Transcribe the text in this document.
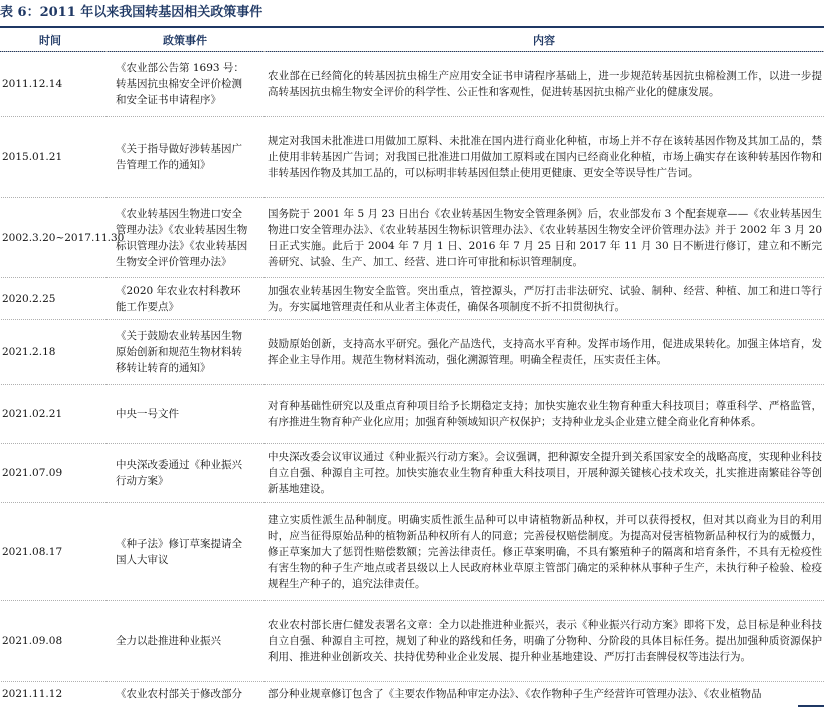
表 6：2011 年以来我国转基因相关政策事件
时间	政策事件	内容
2011.12.14	《农业部公告第 1693 号：转基因抗虫棉安全评价检测和安全证书申请程序》	农业部在已经简化的转基因抗虫棉生产应用安全证书申请程序基础上，进一步规范转基因抗虫棉检测工作，以进一步提高转基因抗虫棉生物安全评价的科学性、公正性和客观性，促进转基因抗虫棉产业化的健康发展。
2015.01.21	《关于指导做好涉转基因广告管理工作的通知》	规定对我国未批准进口用做加工原料、未批准在国内进行商业化种植，市场上并不存在该转基因作物及其加工品的，禁止使用非转基因广告词；对我国已批准进口用做加工原料或在国内已经商业化种植，市场上确实存在该种转基因作物和非转基因作物及其加工品的，可以标明非转基因但禁止使用更健康、更安全等误导性广告词。
2002.3.20~2017.11.30	《农业转基因生物进口安全管理办法》《农业转基因生物标识管理办法》《农业转基因生物安全评价管理办法》	国务院于 2001 年 5 月 23 日出台《农业转基因生物安全管理条例》后，农业部发布 3 个配套规章——《农业转基因生物进口安全管理办法》、《农业转基因生物标识管理办法》、《农业转基因生物安全评价管理办法》并于 2002 年 3 月 20 日正式实施。此后于 2004 年 7 月 1 日、2016 年 7 月 25 日和 2017 年 11 月 30 日不断进行修订，建立和不断完善研究、试验、生产、加工、经营、进口许可审批和标识管理制度。
2020.2.25	《2020 年农业农村科教环能工作要点》	加强农业转基因生物安全监管。突出重点，管控源头，严厉打击非法研究、试验、制种、经营、种植、加工和进口等行为。夯实属地管理责任和从业者主体责任，确保各项制度不折不扣贯彻执行。
2021.2.18	《关于鼓励农业转基因生物原始创新和规范生物材料转移转让转育的通知》	鼓励原始创新，支持高水平研究。强化产品迭代，支持高水平育种。发挥市场作用，促进成果转化。加强主体培育，发挥企业主导作用。规范生物材料流动，强化溯源管理。明确全程责任，压实责任主体。
2021.02.21	中央一号文件	对育种基础性研究以及重点育种项目给予长期稳定支持；加快实施农业生物育种重大科技项目；尊重科学、严格监管，有序推进生物育种产业化应用；加强育种领域知识产权保护；支持种业龙头企业建立健全商业化育种体系。
2021.07.09	中央深改委通过《种业振兴行动方案》	中央深改委会议审议通过《种业振兴行动方案》。会议强调，把种源安全提升到关系国家安全的战略高度，实现种业科技自立自强、种源自主可控。加快实施农业生物育种重大科技项目，开展种源关键核心技术攻关，扎实推进南繁硅谷等创新基地建设。
2021.08.17	《种子法》修订草案提请全国人大审议	建立实质性派生品种制度。明确实质性派生品种可以申请植物新品种权，并可以获得授权，但对其以商业为目的利用时，应当征得原始品种的植物新品种权所有人的同意；完善侵权赔偿制度。为提高对侵害植物新品种权行为的威慑力，修正草案加大了惩罚性赔偿数额；完善法律责任。修正草案明确，不具有繁殖种子的隔离和培育条件，不具有无检疫性有害生物的种子生产地点或者县级以上人民政府林业草原主管部门确定的采种林从事种子生产，未执行种子检验、检疫规程生产种子的，追究法律责任。
2021.09.08	全力以赴推进种业振兴	农业农村部长唐仁健发表署名文章：全力以赴推进种业振兴，表示《种业振兴行动方案》即将下发，总目标是种业科技自立自强、种源自主可控，规划了种业的路线和任务，明确了分物种、分阶段的具体目标任务。提出加强种质资源保护利用、推进种业创新攻关、扶持优势种业企业发展、提升种业基地建设、严厉打击套牌侵权等违法行为。
2021.11.12	《农业农村部关于修改部分	部分种业规章修订包含了《主要农作物品种审定办法》、《农作物种子生产经营许可管理办法》、《农业植物品
